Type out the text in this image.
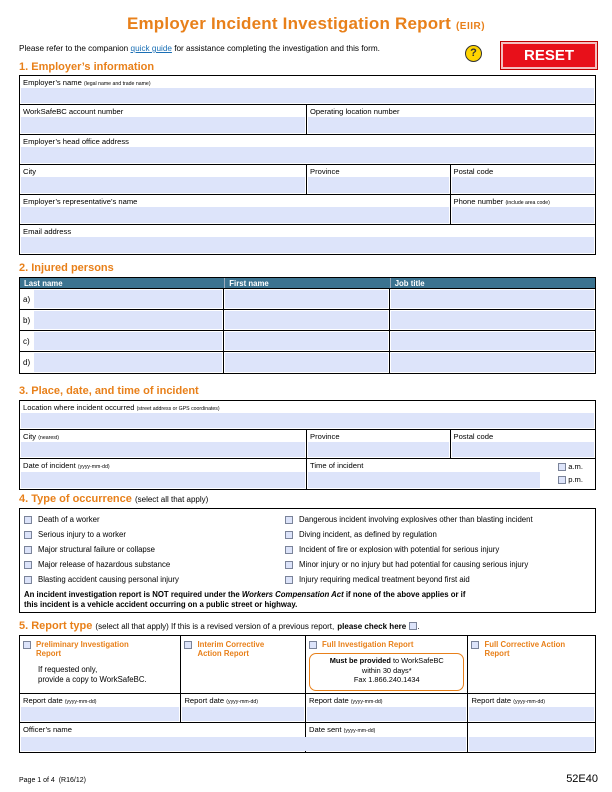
Employer Incident Investigation Report (EIIR)
Please refer to the companion quick guide for assistance completing the investigation and this form.	?	RESET
1. Employer’s information
Employer’s name (legal name and trade name)
WorkSafeBC account number	Operating location number
Employer’s head office address
City	Province	Postal code
Employer’s representative’s name	Phone number (include area code)
Email address
2. Injured persons
Last name	First name	Job title
a)
b)
c)
d)
3. Place, date, and time of incident
Location where incident occurred (street address or GPS coordinates)
City (nearest)	Province	Postal code
Date of incident (yyyy-mm-dd)	Time of incident	a.m.
p.m.
4. Type of occurrence (select all that apply)
Death of a worker
Serious injury to a worker
Major structural failure or collapse
Major release of hazardous substance
Blasting accident causing personal injury
Dangerous incident involving explosives other than blasting incident
Diving incident, as defined by regulation
Incident of fire or explosion with potential for serious injury
Minor injury or no injury but had potential for causing serious injury
Injury requiring medical treatment beyond first aid
An incident investigation report is NOT required under the Workers Compensation Act if none of the above applies or if
this incident is a vehicle accident occurring on a public street or highway.
5. Report type (select all that apply) If this is a revised version of a previous report, please check here .
Preliminary Investigation
Report
If requested only,
provide a copy to WorkSafeBC.
Interim Corrective
Action Report
Full Investigation Report
Must be provided to WorkSafeBC
within 30 days*
Fax 1.866.240.1434
Full Corrective Action
Report
Report date (yyyy-mm-dd)	Report date (yyyy-mm-dd)	Report date (yyyy-mm-dd)	Report date (yyyy-mm-dd)
Officer’s name	Date sent (yyyy-mm-dd)
Page 1 of 4 (R16/12)	52E40
